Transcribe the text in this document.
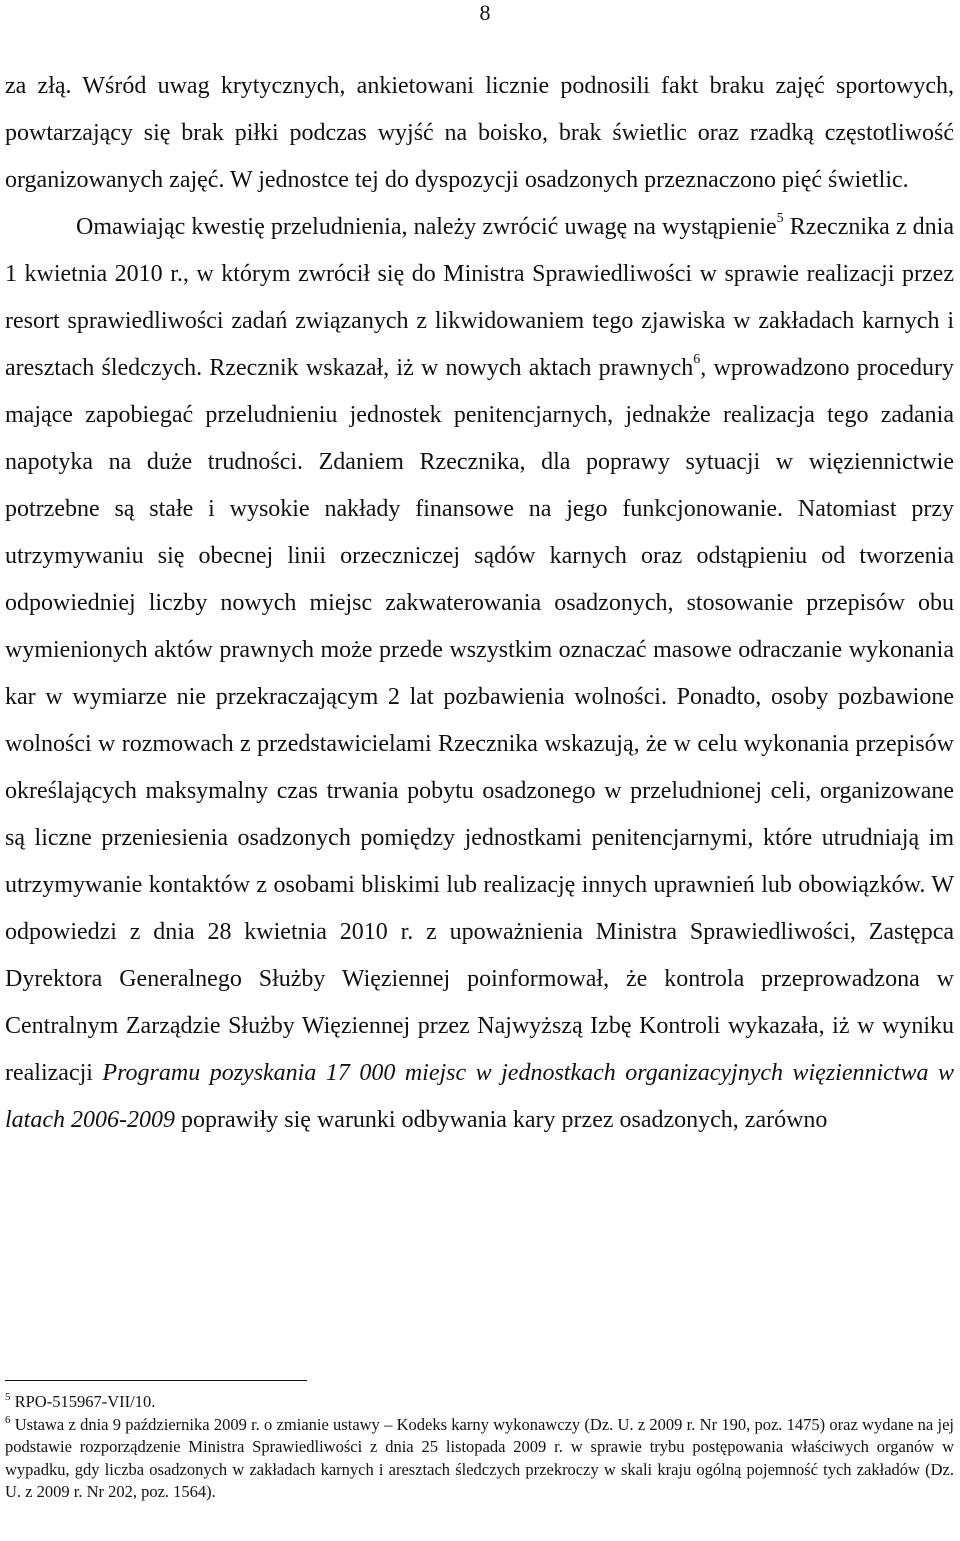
8

za złą. Wśród uwag krytycznych, ankietowani licznie podnosili fakt braku zajęć sportowych, powtarzający się brak piłki podczas wyjść na boisko, brak świetlic oraz rzadką częstotliwość organizowanych zajęć. W jednostce tej do dyspozycji osadzonych przeznaczono pięć świetlic.

Omawiając kwestię przeludnienia, należy zwrócić uwagę na wystąpienie$^5$ Rzecznika z dnia 1 kwietnia 2010 r., w którym zwrócił się do Ministra Sprawiedliwości w sprawie realizacji przez resort sprawiedliwości zadań związanych z likwidowaniem tego zjawiska w zakładach karnych i aresztach śledczych. Rzecznik wskazał, iż w nowych aktach prawnych$^6$, wprowadzono procedury mające zapobiegać przeludnieniu jednostek penitencjarnych, jednakże realizacja tego zadania napotyka na duże trudności. Zdaniem Rzecznika, dla poprawy sytuacji w więziennictwie potrzebne są stałe i wysokie nakłady finansowe na jego funkcjonowanie. Natomiast przy utrzymywaniu się obecnej linii orzeczniczej sądów karnych oraz odstąpieniu od tworzenia odpowiedniej liczby nowych miejsc zakwaterowania osadzonych, stosowanie przepisów obu wymienionych aktów prawnych może przede wszystkim oznaczać masowe odraczanie wykonania kar w wymiarze nie przekraczającym 2 lat pozbawienia wolności. Ponadto, osoby pozbawione wolności w rozmowach z przedstawicielami Rzecznika wskazują, że w celu wykonania przepisów określających maksymalny czas trwania pobytu osadzonego w przeludnionej celi, organizowane są liczne przeniesienia osadzonych pomiędzy jednostkami penitencjarnymi, które utrudniają im utrzymywanie kontaktów z osobami bliskimi lub realizację innych uprawnień lub obowiązków. W odpowiedzi z dnia 28 kwietnia 2010 r. z upoważnienia Ministra Sprawiedliwości, Zastępca Dyrektora Generalnego Służby Więziennej poinformował, że kontrola przeprowadzona w Centralnym Zarządzie Służby Więziennej przez Najwyższą Izbę Kontroli wykazała, iż w wyniku realizacji Programu pozyskania 17 000 miejsc w jednostkach organizacyjnych więziennictwa w latach 2006-2009 poprawiły się warunki odbywania kary przez osadzonych, zarówno

$^5$ RPO-515967-VII/10.

$^6$ Ustawa z dnia 9 października 2009 r. o zmianie ustawy – Kodeks karny wykonawczy (Dz. U. z 2009 r. Nr 190, poz. 1475) oraz wydane na jej podstawie rozporządzenie Ministra Sprawiedliwości z dnia 25 listopada 2009 r. w sprawie trybu postępowania właściwych organów w wypadku, gdy liczba osadzonych w zakładach karnych i aresztach śledczych przekroczy w skali kraju ogólną pojemność tych zakładów (Dz. U. z 2009 r. Nr 202, poz. 1564).
